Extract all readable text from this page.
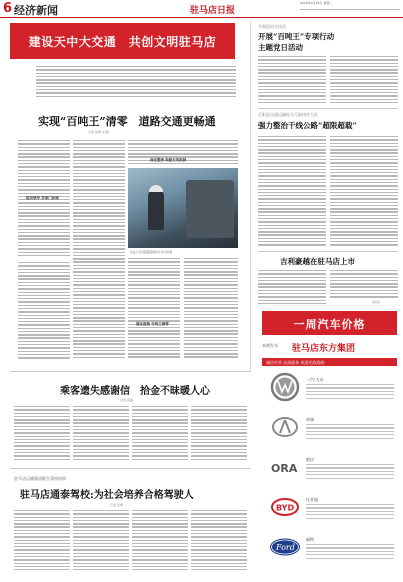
6 经济新闻	驻马店日报
2018年9月18日 星期二
建设天中大交通　共创文明驻马店
实现“百吨王”清零　道路交通更畅通
记者 张勇 文/图
组织领导 多部门协调
深化整治 构建长效机制
执法人员对超限超载货车进行检测
强化措施 百吨王清零
平舆县综合执法
开展“百吨王”专项行动
主题党日活动
正阳县交通运输综合行政执法大队
强力整治干线公路“超限超载”
吉利豪越在驻马店上市
（驻宣）
一周汽车价格
本期发布 驻马店东方集团
诚信经营 品质服务 欢迎光临选购
一汽-大众
奇瑞
ORA
欧拉
BYD
比亚迪
Ford
福特
乘客遗失感谢信　拾金不昧暖人心
记者 何丽
驻马店运输集团联合驾校培训
驻马店通泰驾校:为社会培养合格驾驶人
记者 张勇
